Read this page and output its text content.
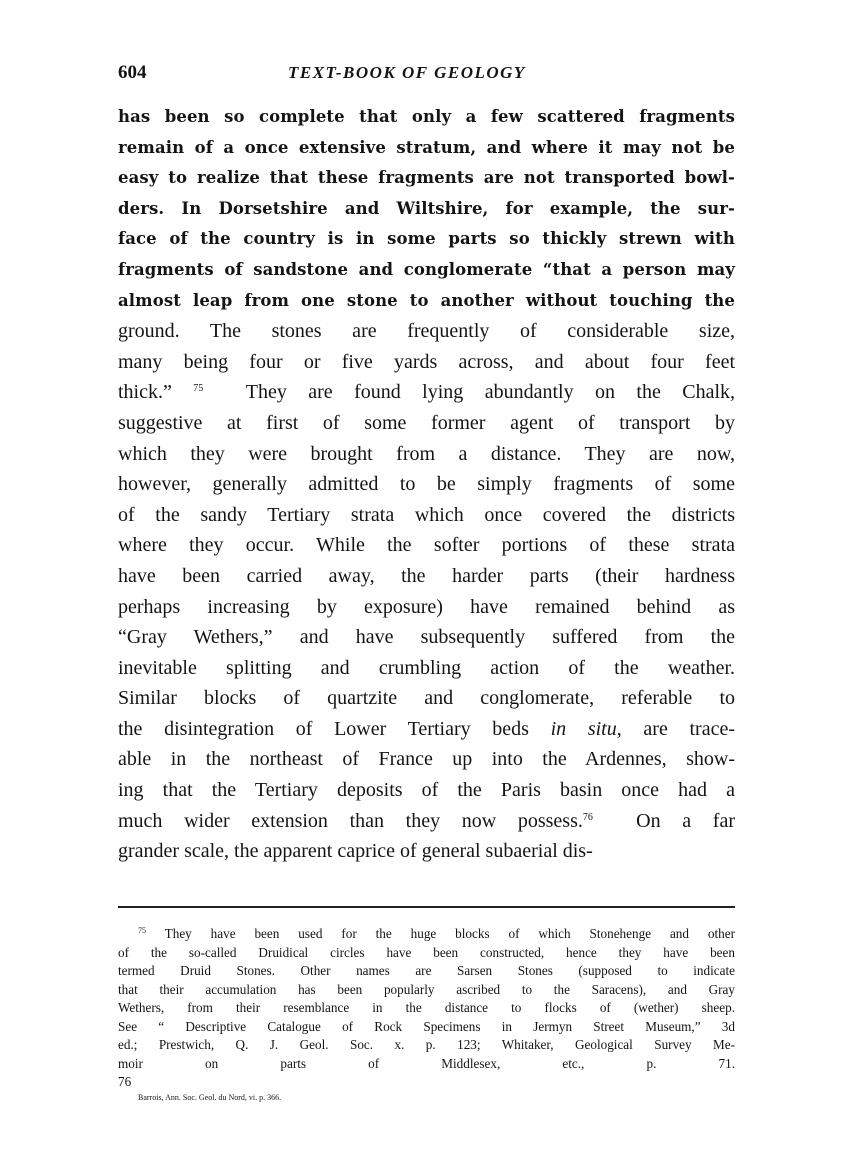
604	TEXT-BOOK OF GEOLOGY
has been so complete that only a few scattered fragments
remain of a once extensive stratum, and where it may not be
easy to realize that these fragments are not transported bowl-
ders. In Dorsetshire and Wiltshire, for example, the sur-
face of the country is in some parts so thickly strewn with
fragments of sandstone and conglomerate “that a person may
almost leap from one stone to another without touching the
ground. The stones are frequently of considerable size,
many being four or five yards across, and about four feet
thick.” $^{75}$ They are found lying abundantly on the Chalk,
suggestive at first of some former agent of transport by
which they were brought from a distance. They are now,
however, generally admitted to be simply fragments of some
of the sandy Tertiary strata which once covered the districts
where they occur. While the softer portions of these strata
have been carried away, the harder parts (their hardness
perhaps increasing by exposure) have remained behind as
“Gray Wethers,” and have subsequently suffered from the
inevitable splitting and crumbling action of the weather.
Similar blocks of quartzite and conglomerate, referable to
the disintegration of Lower Tertiary beds in situ, are trace-
able in the northeast of France up into the Ardennes, show-
ing that the Tertiary deposits of the Paris basin once had a
much wider extension than they now possess.$^{76}$ On a far
grander scale, the apparent caprice of general subaerial dis-
$^{75}$ They have been used for the huge blocks of which Stonehenge and other
of the so-called Druidical circles have been constructed, hence they have been
termed Druid Stones. Other names are Sarsen Stones (supposed to indicate
that their accumulation has been popularly ascribed to the Saracens), and Gray
Wethers, from their resemblance in the distance to flocks of (wether) sheep.
See “ Descriptive Catalogue of Rock Specimens in Jermyn Street Museum,” 3d
ed.; Prestwich, Q. J. Geol. Soc. x. p. 123; Whitaker, Geological Survey Me-
moir on parts of Middlesex, etc., p. 71.
76
$^{Barrois, Ann. Soc. Geol. du Nord, vi. p. 366.}$
